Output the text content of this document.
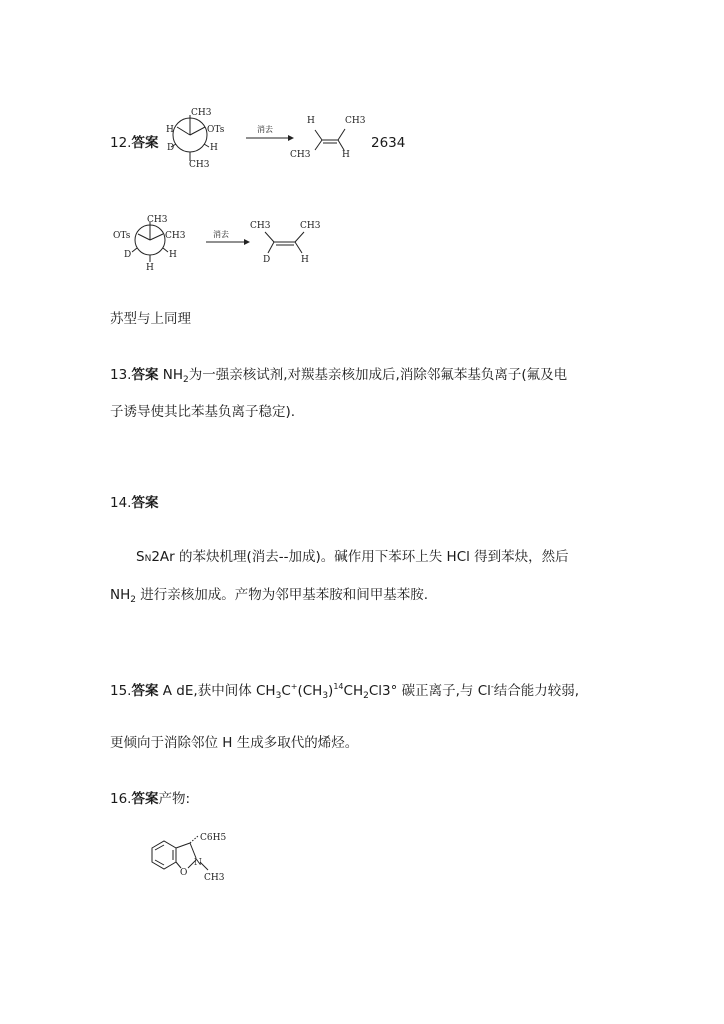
12.答案	2634
CH3
H	OTs
D	H
CH3
消去
H	CH3
CH3	H
CH3
OTs	CH3
D	H
H
消去
CH3	CH3
D	H
苏型与上同理
13.答案 $NH_2$为一强亲核试剂,对羰基亲核加成后,消除邻氟苯基负离子(氟及电
子诱导使其比苯基负离子稳定).
14.答案
SN2Ar 的苯炔机理(消去--加成)。碱作用下苯环上失 HCl 得到苯炔，然后
$NH_2$ 进行亲核加成。产物为邻甲基苯胺和间甲基苯胺.
15.答案 A dE,获中间体 $CH_3C^+(CH_3)^{14}CH_2Cl3^\circ$ 碳正离子,与 Cl-结合能力较弱,
更倾向于消除邻位 H 生成多取代的烯烃。
16.答案产物:
C6H5
O
N
CH3
